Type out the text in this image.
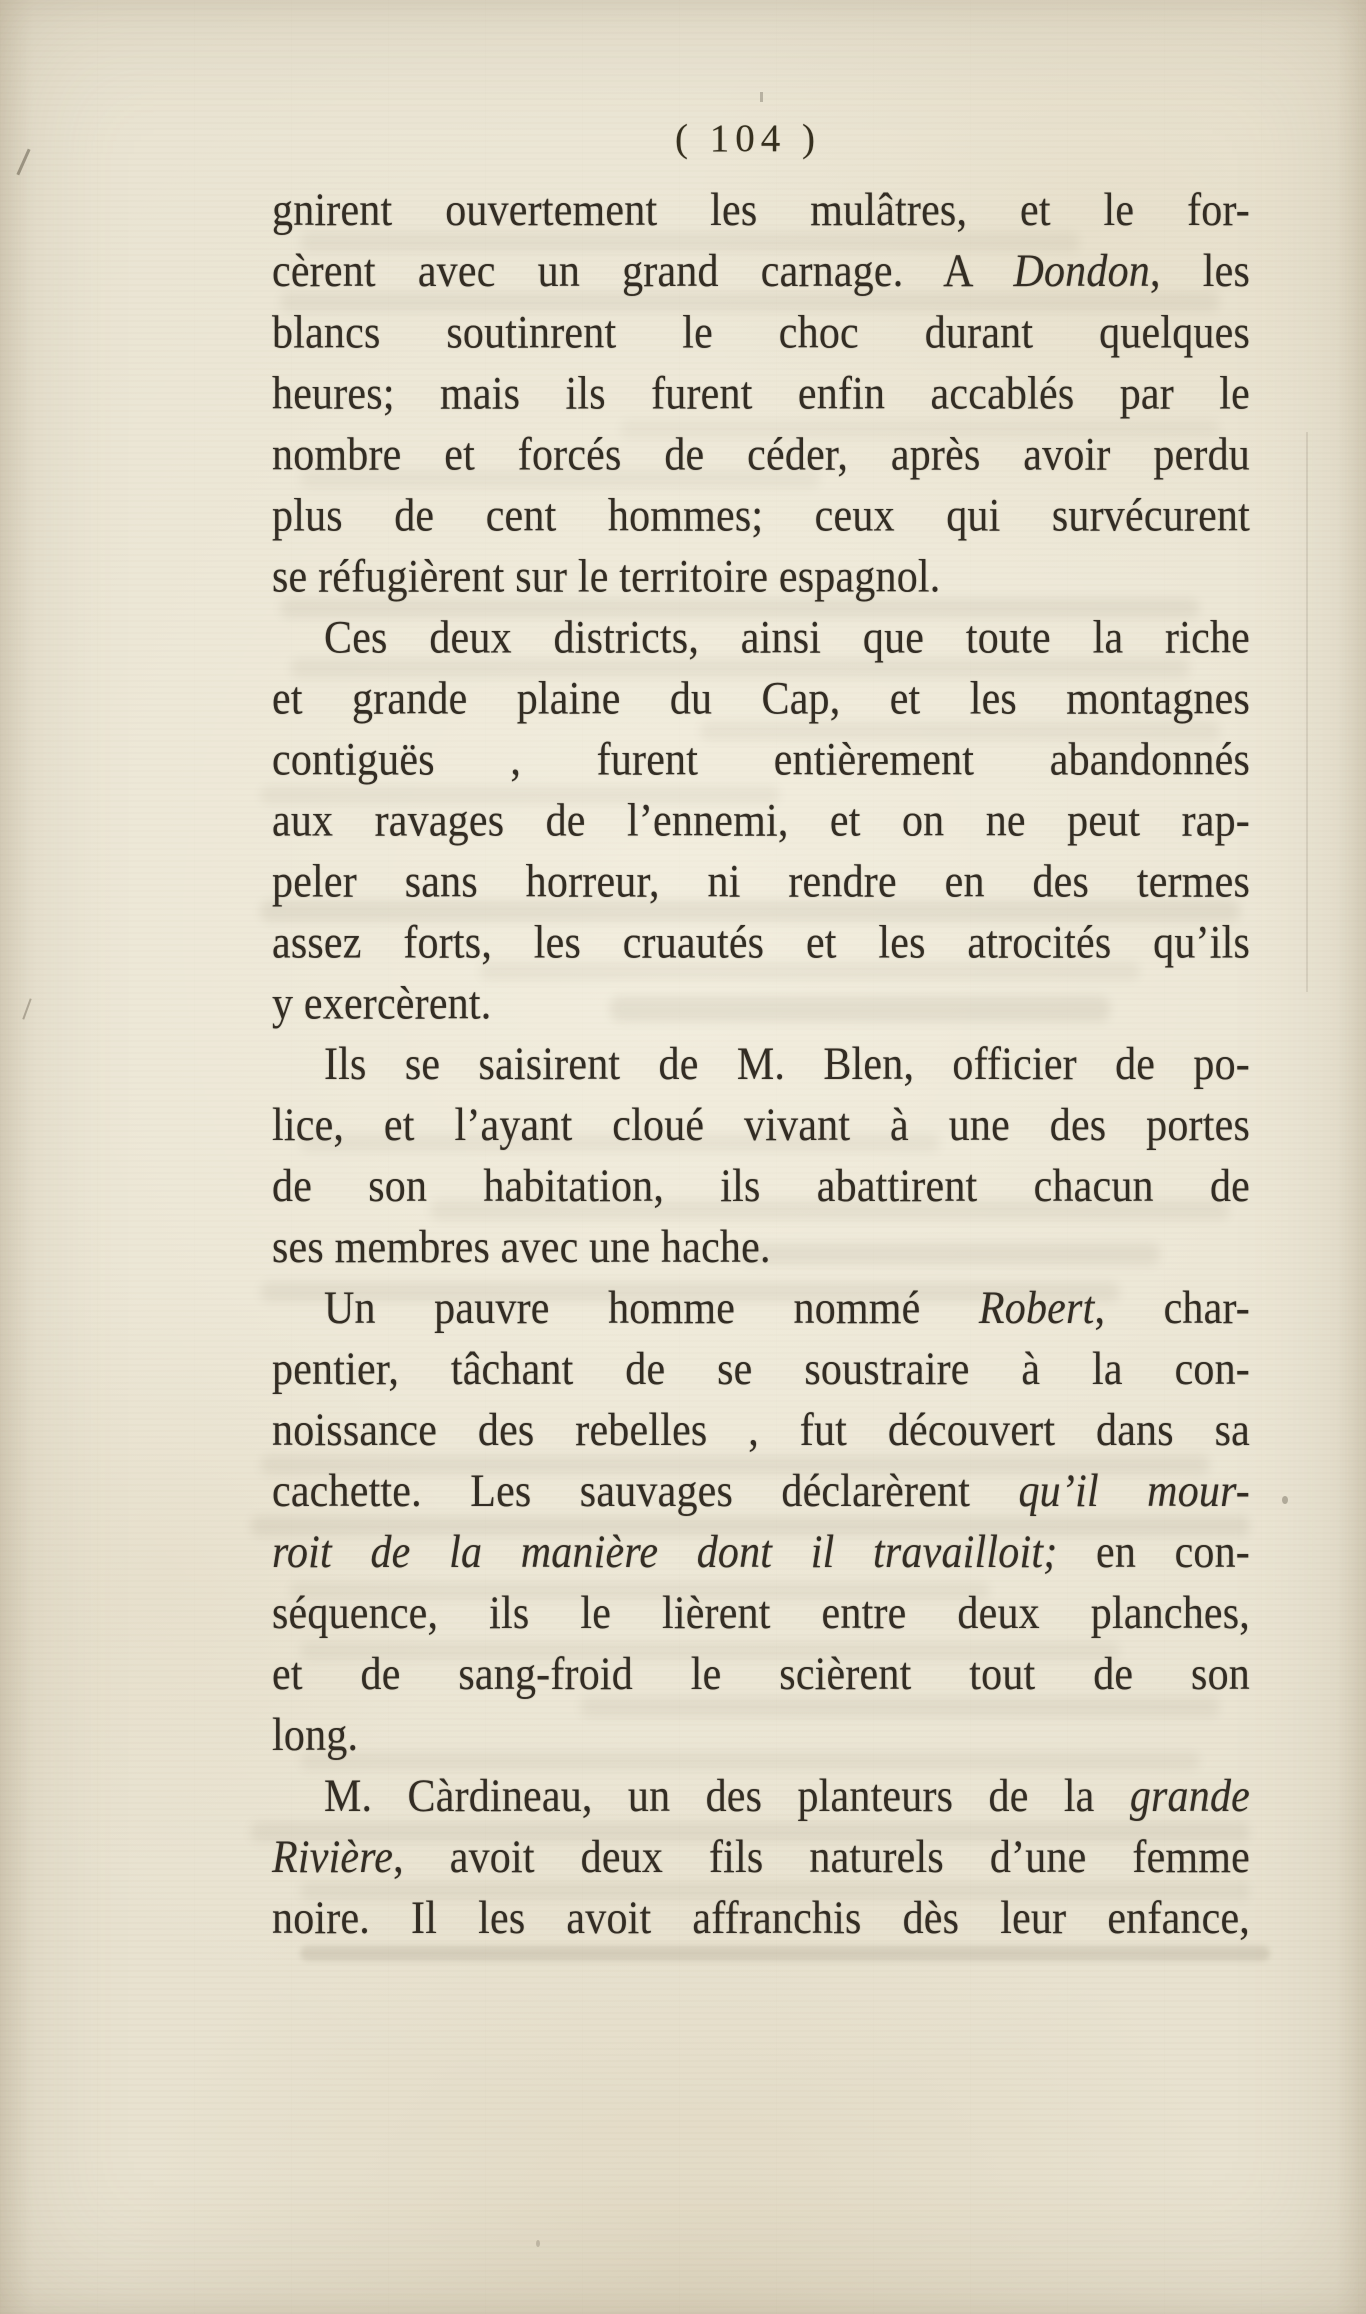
( 104 )
gnirent ouvertement les mulâtres, et le for-
cèrent avec un grand carnage. A Dondon, les
blancs soutinrent le choc durant quelques
heures; mais ils furent enfin accablés par le
nombre et forcés de céder, après avoir perdu
plus de cent hommes; ceux qui survécurent
se réfugièrent sur le territoire espagnol.
Ces deux districts, ainsi que toute la riche
et grande plaine du Cap, et les montagnes
contiguës , furent entièrement abandonnés
aux ravages de l’ennemi, et on ne peut rap-
peler sans horreur, ni rendre en des termes
assez forts, les cruautés et les atrocités qu’ils
y exercèrent.
Ils se saisirent de M. Blen, officier de po-
lice, et l’ayant cloué vivant à une des portes
de son habitation, ils abattirent chacun de
ses membres avec une hache.
Un pauvre homme nommé Robert, char-
pentier, tâchant de se soustraire à la con-
noissance des rebelles , fut découvert dans sa
cachette. Les sauvages déclarèrent qu’il mour-
roit de la manière dont il travailloit; en con-
séquence, ils le lièrent entre deux planches,
et de sang-froid le scièrent tout de son
long.
M. Càrdineau, un des planteurs de la grande
Rivière, avoit deux fils naturels d’une femme
noire. Il les avoit affranchis dès leur enfance,
